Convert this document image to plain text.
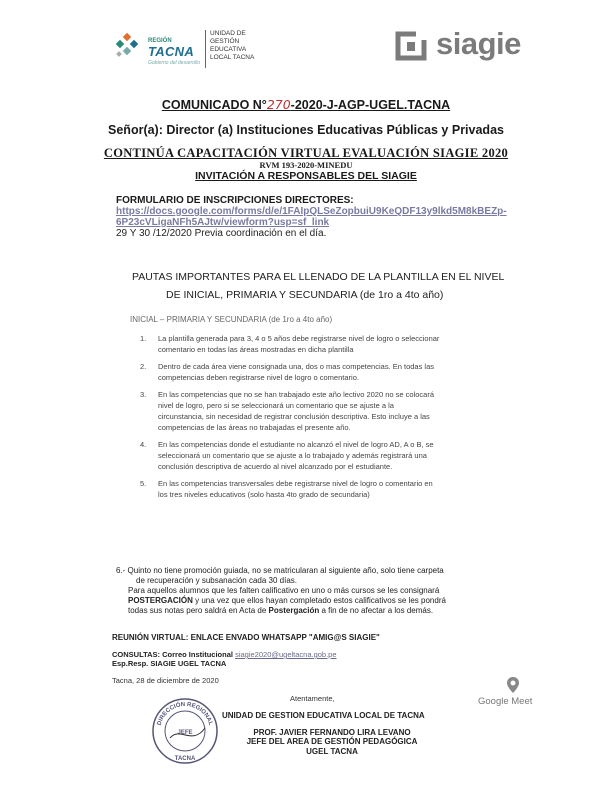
REGIÓN
TACNA
Gobierno del desarrollo
UNIDAD DE
GESTIÓN
EDUCATIVA
LOCAL TACNA	siagie
COMUNICADO N°270-2020-J-AGP-UGEL.TACNA
Señor(a): Director (a) Instituciones Educativas Públicas y Privadas
CONTINÚA CAPACITACIÓN VIRTUAL EVALUACIÓN SIAGIE 2020
RVM 193-2020-MINEDU
INVITACIÓN A RESPONSABLES DEL SIAGIE
FORMULARIO DE INSCRIPCIONES DIRECTORES:
https://docs.google.com/forms/d/e/1FAIpQLSeZopbuiU9KeQDF13y9lkd5M8kBEZp-
6P23cVLigaNFh5AJtw/viewform?usp=sf_link
29 Y 30 /12/2020 Previa coordinación en el día.
PAUTAS IMPORTANTES PARA EL LLENADO DE LA PLANTILLA EN EL NIVEL
DE INICIAL, PRIMARIA Y SECUNDARIA (de 1ro a 4to año)
INICIAL – PRIMARIA Y SECUNDARIA (de 1ro a 4to año)
1. La plantilla generada para 3, 4 o 5 años debe registrarse nivel de logro o seleccionar comentario en todas las áreas mostradas en dicha plantilla
2. Dentro de cada área viene consignada una, dos o mas competencias. En todas las competencias deben registrarse nivel de logro o comentario.
3. En las competencias que no se han trabajado este año lectivo 2020 no se colocará nivel de logro, pero si se seleccionará un comentario que se ajuste a la circunstancia, sin necesidad de registrar conclusión descriptiva. Esto incluye a las competencias de las áreas no trabajadas el presente año.
4. En las competencias donde el estudiante no alcanzó el nivel de logro AD, A o B, se seleccionará un comentario que se ajuste a lo trabajado y además registrará una conclusión descriptiva de acuerdo al nivel alcanzado por el estudiante.
5. En las competencias transversales debe registrarse nivel de logro o comentario en los tres niveles educativos (solo hasta 4to grado de secundaria)
6.- Quinto no tiene promoción guiada, no se matricularan al siguiente año, solo tiene carpeta
de recuperación y subsanación cada 30 días.
Para aquellos alumnos que les falten calificativo en uno o más cursos se les consignará
POSTERGACIÓN y una vez que ellos hayan completado estos calificativos se les pondrá
todas sus notas pero saldrá en Acta de Postergación a fin de no afectar a los demás.
REUNIÓN VIRTUAL: ENLACE ENVADO WHATSAPP "AMIG@S SIAGIE"
CONSULTAS: Correo Institucional siagie2020@ugeltacna.gob.pe
Esp.Resp. SIAGIE UGEL TACNA
Tacna, 28 de diciembre de 2020
Atentamente,	Google Meet
DIRECCIÓN REGIONAL
JEFE
TACNA
UNIDAD DE GESTION EDUCATIVA LOCAL DE TACNA
PROF. JAVIER FERNANDO LIRA LEVANO
JEFE DEL AREA DE GESTIÓN PEDAGÓGICA
UGEL TACNA
